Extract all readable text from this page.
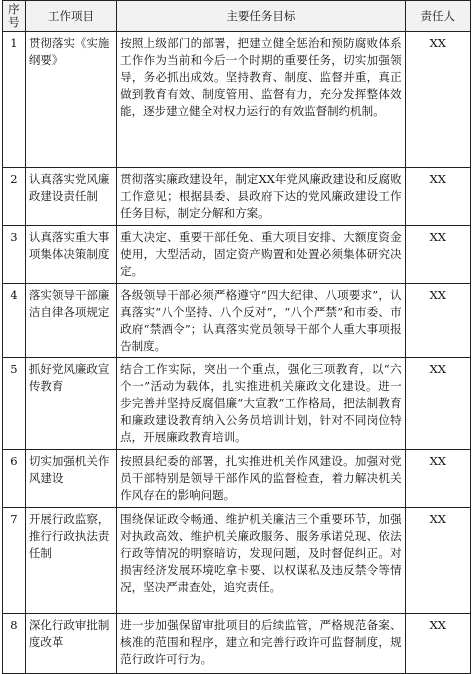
序号	工作项目	主要任务目标	责任人
1	贯彻落实《实施纲要》	按照上级部门的部署，把建立健全惩治和预防腐败体系工作作为当前和今后一个时期的重要任务，切实加强领导，务必抓出成效。坚持教育、制度、监督并重，真正做到教育有效、制度管用、监督有力，充分发挥整体效能，逐步建立健全对权力运行的有效监督制约机制。	XX
2	认真落实党风廉政建设责任制	贯彻落实廉政建设年，制定XX年党风廉政建设和反腐败工作意见；根据县委、县政府下达的党风廉政建设工作任务目标，制定分解和方案。	XX
3	认真落实重大事项集体决策制度	重大决定、重要干部任免、重大项目安排、大额度资金使用，大型活动，固定资产购置和处置必须集体研究决定。	XX
4	落实领导干部廉洁自律各项规定	各级领导干部必须严格遵守“四大纪律、八项要求”，认真落实“八个坚持、八个反对”，“八个严禁”和市委、市政府“禁酒令”；认真落实党员领导干部个人重大事项报告制度。	XX
5	抓好党风廉政宣传教育	结合工作实际，突出一个重点，强化三项教育，以“六个一”活动为载体，扎实推进机关廉政文化建设。进一步完善并坚持反腐倡廉“大宣教”工作格局，把法制教育和廉政建设教育纳入公务员培训计划，针对不同岗位特点，开展廉政教育培训。	XX
6	切实加强机关作风建设	按照县纪委的部署，扎实推进机关作风建设。加强对党员干部特别是领导干部作风的监督检查，着力解决机关作风存在的影响问题。	XX
7	开展行政监察，推行行政执法责任制	围绕保证政令畅通、维护机关廉洁三个重要环节，加强对执政高效、维护机关廉政服务、服务承诺兑现、依法行政等情况的明察暗访，发现问题，及时督促纠正。对损害经济发展环境吃拿卡要、以权谋私及违反禁令等情况，坚决严肃查处，追究责任。	XX
8	深化行政审批制度改革	进一步加强保留审批项目的后续监管，严格规范备案、核准的范围和程序，建立和完善行政许可监督制度，规范行政许可行为。	XX
